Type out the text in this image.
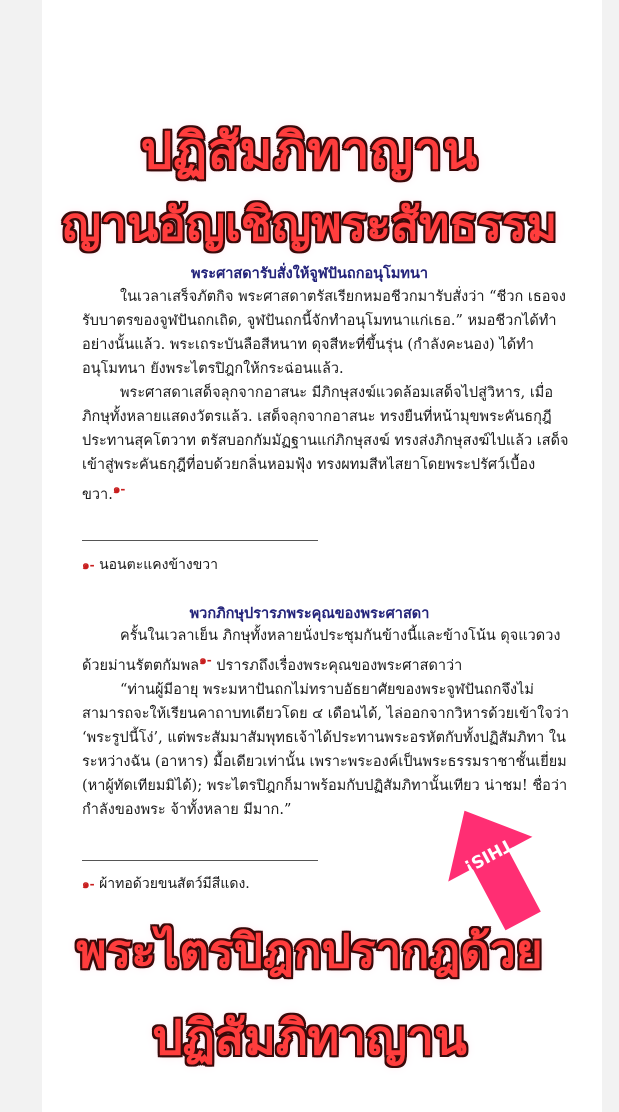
ปฏิสัมภิทาญาน
ญานอัญเชิญพระสัทธรรม
พระศาสดารับสั่งให้จูฬปันถกอนุโมทนา

ในเวลาเสร็จภัตกิจ พระศาสดาตรัสเรียกหมอชีวกมารับสั่งว่า “ชีวก เธอจงรับบาตรของจูฬปันถกเถิด, จูฬปันถกนี้จักทำอนุโมทนาแก่เธอ.” หมอชีวกได้ทำอย่างนั้นแล้ว. พระเถระบันลือสีหนาท ดุจสีหะที่ขึ้นรุ่น (กำลังคะนอง) ได้ทำอนุโมทนา ยังพระไตรปิฎกให้กระฉ่อนแล้ว.

พระศาสดาเสด็จลุกจากอาสนะ มีภิกษุสงฆ์แวดล้อมเสด็จไปสู่วิหาร, เมื่อภิกษุทั้งหลายแสดงวัตรแล้ว. เสด็จลุกจากอาสนะ ทรงยืนที่หน้ามุขพระคันธกุฎี ประทานสุคโตวาท ตรัสบอกกัมมัฏฐานแก่ภิกษุสงฆ์ ทรงส่งภิกษุสงฆ์ไปแล้ว เสด็จเข้าสู่พระคันธกุฎีที่อบด้วยกลิ่นหอมฟุ้ง ทรงผทมสีหไสยาโดยพระปรัศว์เบื้องขวา.$^{๑-}$

๑- นอนตะแคงข้างขวา
พวกภิกษุปรารภพระคุณของพระศาสดา

ครั้นในเวลาเย็น ภิกษุทั้งหลายนั่งประชุมกันข้างนี้และข้างโน้น ดุจแวดวงด้วยม่านรัตตกัมพล$^{๑-}$ ปรารภถึงเรื่องพระคุณของพระศาสดาว่า

“ท่านผู้มีอายุ พระมหาปันถกไม่ทราบอัธยาศัยของพระจูฬปันถกจึงไม่สามารถจะให้เรียนคาถาบทเดียวโดย ๔ เดือนได้, ไล่ออกจากวิหารด้วยเข้าใจว่า ‘พระรูปนี้โง่’, แต่พระสัมมาสัมพุทธเจ้าได้ประทานพระอรหัตกับทั้งปฏิสัมภิทา ในระหว่างฉัน (อาหาร) มื้อเดียวเท่านั้น เพราะพระองค์เป็นพระธรรมราชาชั้นเยี่ยม (หาผู้ทัดเทียมมิได้); พระไตรปิฎกก็มาพร้อมกับปฏิสัมภิทานั้นเทียว น่าชม! ชื่อว่า กำลังของพระ จ้าทั้งหลาย มีมาก.”

๑- ผ้าทอด้วยขนสัตว์มีสีแดง.
THIS!
พระไตรปิฎกปรากฎด้วย
ปฏิสัมภิทาญาน
